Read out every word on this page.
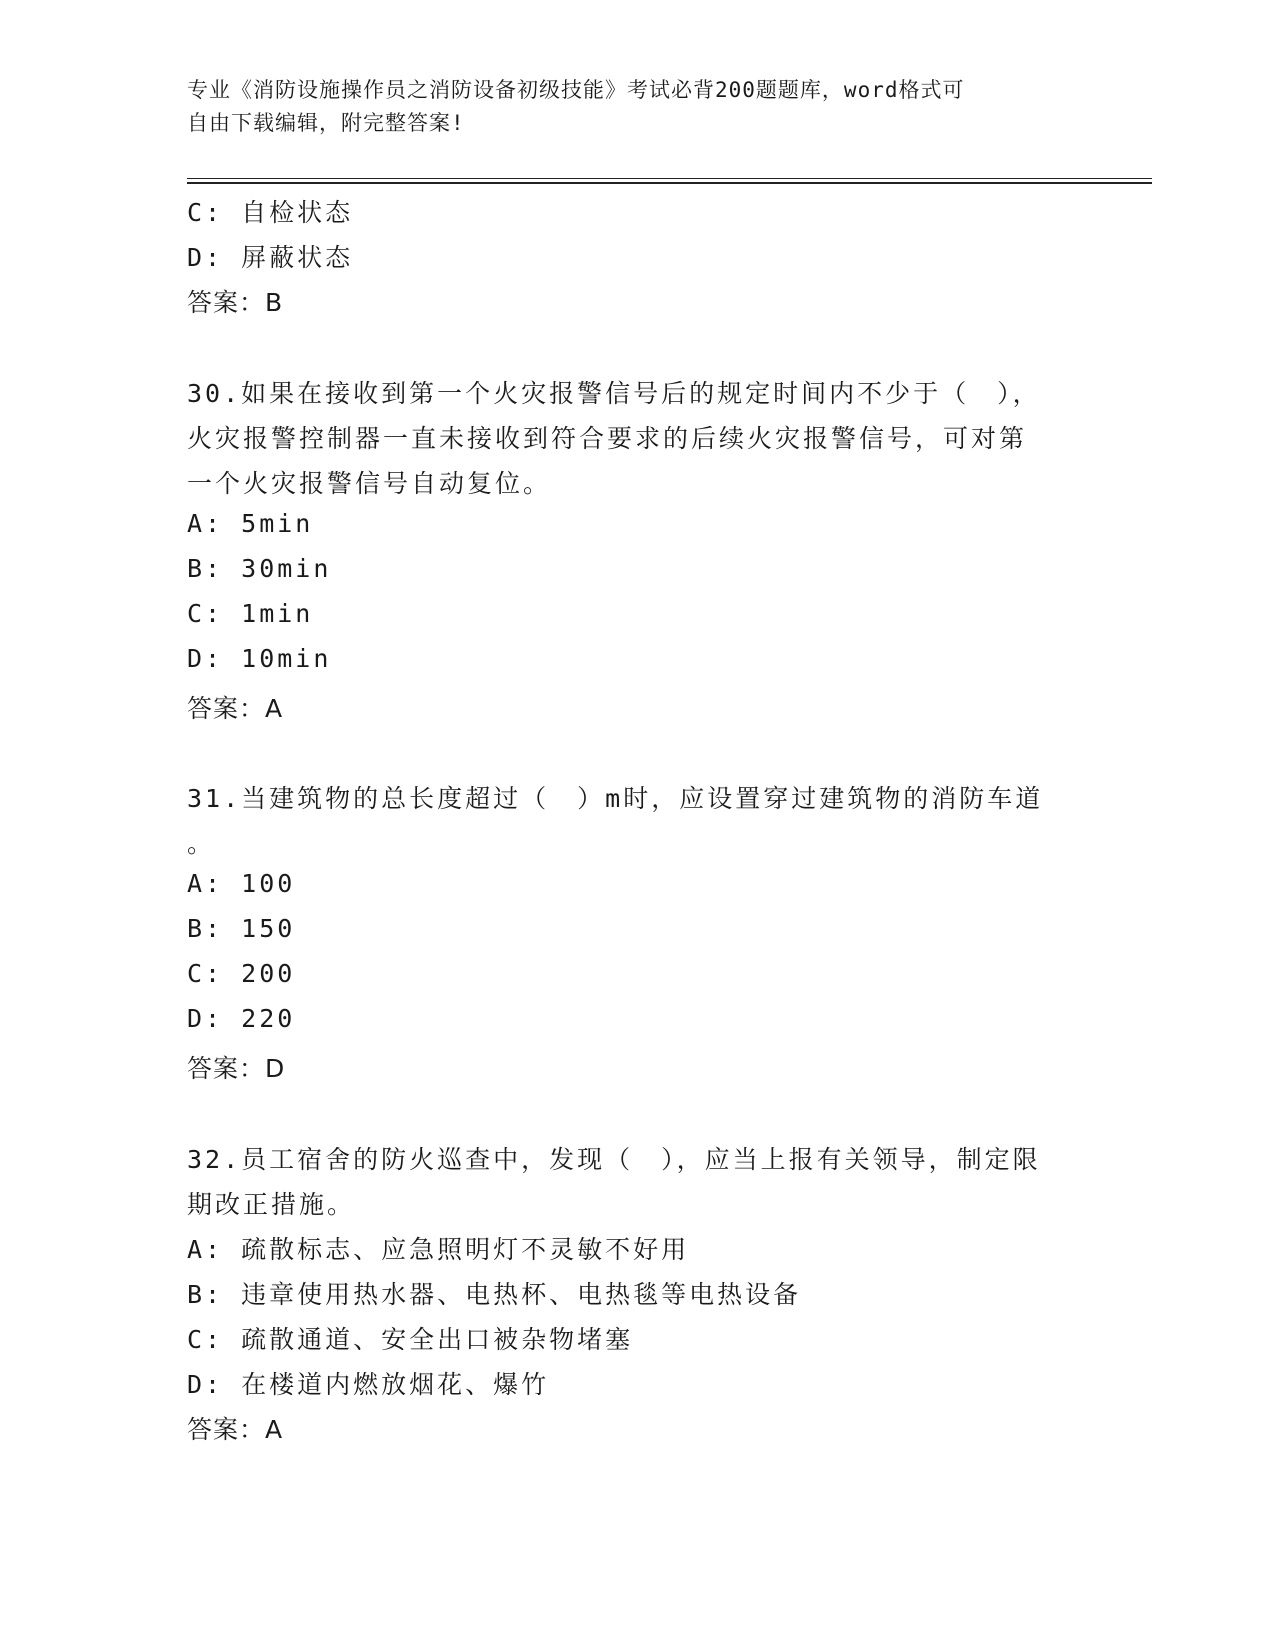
专业《消防设施操作员之消防设备初级技能》考试必背200题题库，word格式可
自由下载编辑，附完整答案!
C: 自检状态
D: 屏蔽状态
答案：B
30.如果在接收到第一个火灾报警信号后的规定时间内不少于（　），
火灾报警控制器一直未接收到符合要求的后续火灾报警信号，可对第
一个火灾报警信号自动复位。
A: 5min
B: 30min
C: 1min
D: 10min
答案：A
31.当建筑物的总长度超过（　）m时，应设置穿过建筑物的消防车道
。
A: 100
B: 150
C: 200
D: 220
答案：D
32.员工宿舍的防火巡查中，发现（　），应当上报有关领导，制定限
期改正措施。
A: 疏散标志、应急照明灯不灵敏不好用
B: 违章使用热水器、电热杯、电热毯等电热设备
C: 疏散通道、安全出口被杂物堵塞
D: 在楼道内燃放烟花、爆竹
答案：A
